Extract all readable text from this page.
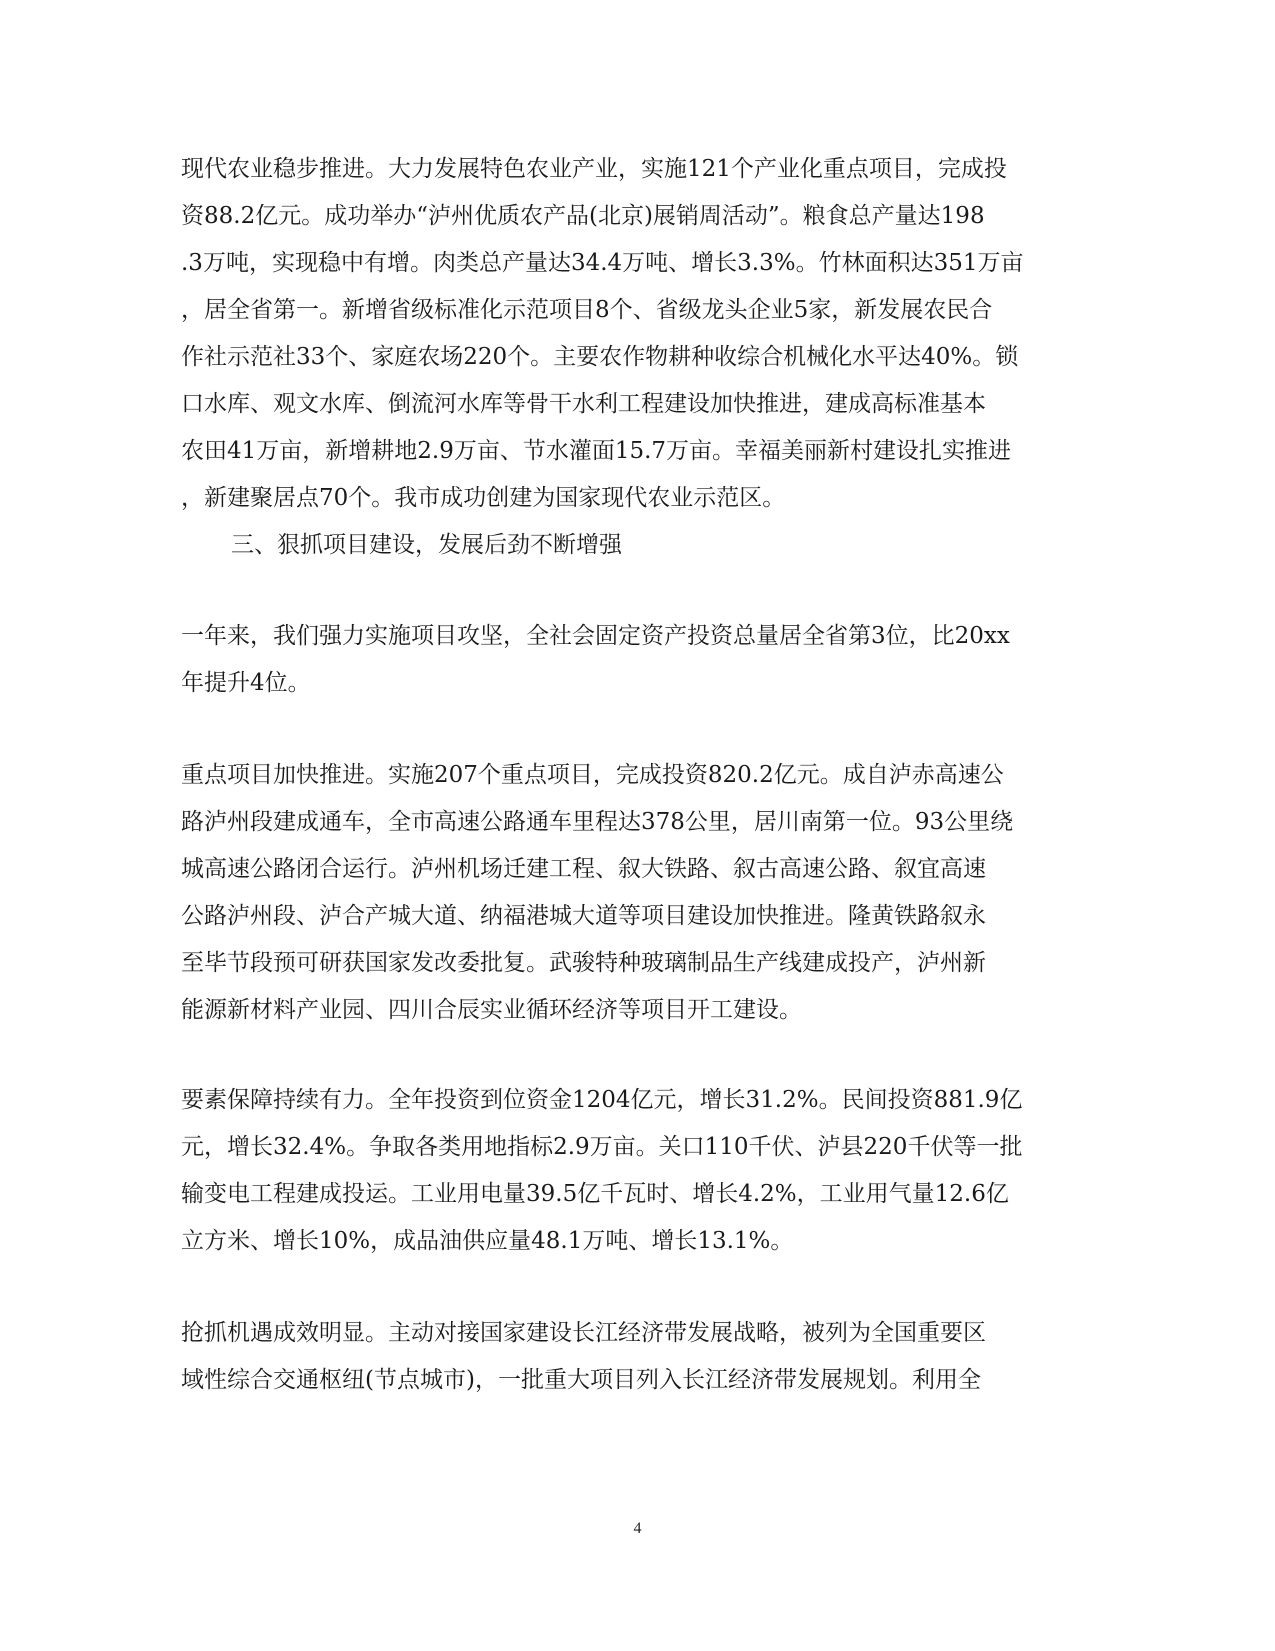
现代农业稳步推进。大力发展特色农业产业，实施121个产业化重点项目，完成投
资88.2亿元。成功举办“泸州优质农产品(北京)展销周活动”。粮食总产量达198
.3万吨，实现稳中有增。肉类总产量达34.4万吨、增长3.3%。竹林面积达351万亩
，居全省第一。新增省级标准化示范项目8个、省级龙头企业5家，新发展农民合
作社示范社33个、家庭农场220个。主要农作物耕种收综合机械化水平达40%。锁
口水库、观文水库、倒流河水库等骨干水利工程建设加快推进，建成高标准基本
农田41万亩，新增耕地2.9万亩、节水灌面15.7万亩。幸福美丽新村建设扎实推进
，新建聚居点70个。我市成功创建为国家现代农业示范区。
三、狠抓项目建设，发展后劲不断增强
一年来，我们强力实施项目攻坚，全社会固定资产投资总量居全省第3位，比20xx
年提升4位。
重点项目加快推进。实施207个重点项目，完成投资820.2亿元。成自泸赤高速公
路泸州段建成通车，全市高速公路通车里程达378公里，居川南第一位。93公里绕
城高速公路闭合运行。泸州机场迁建工程、叙大铁路、叙古高速公路、叙宜高速
公路泸州段、泸合产城大道、纳福港城大道等项目建设加快推进。隆黄铁路叙永
至毕节段预可研获国家发改委批复。武骏特种玻璃制品生产线建成投产，泸州新
能源新材料产业园、四川合辰实业循环经济等项目开工建设。
要素保障持续有力。全年投资到位资金1204亿元，增长31.2%。民间投资881.9亿
元，增长32.4%。争取各类用地指标2.9万亩。关口110千伏、泸县220千伏等一批
输变电工程建成投运。工业用电量39.5亿千瓦时、增长4.2%，工业用气量12.6亿
立方米、增长10%，成品油供应量48.1万吨、增长13.1%。
抢抓机遇成效明显。主动对接国家建设长江经济带发展战略，被列为全国重要区
域性综合交通枢纽(节点城市)，一批重大项目列入长江经济带发展规划。利用全
4
